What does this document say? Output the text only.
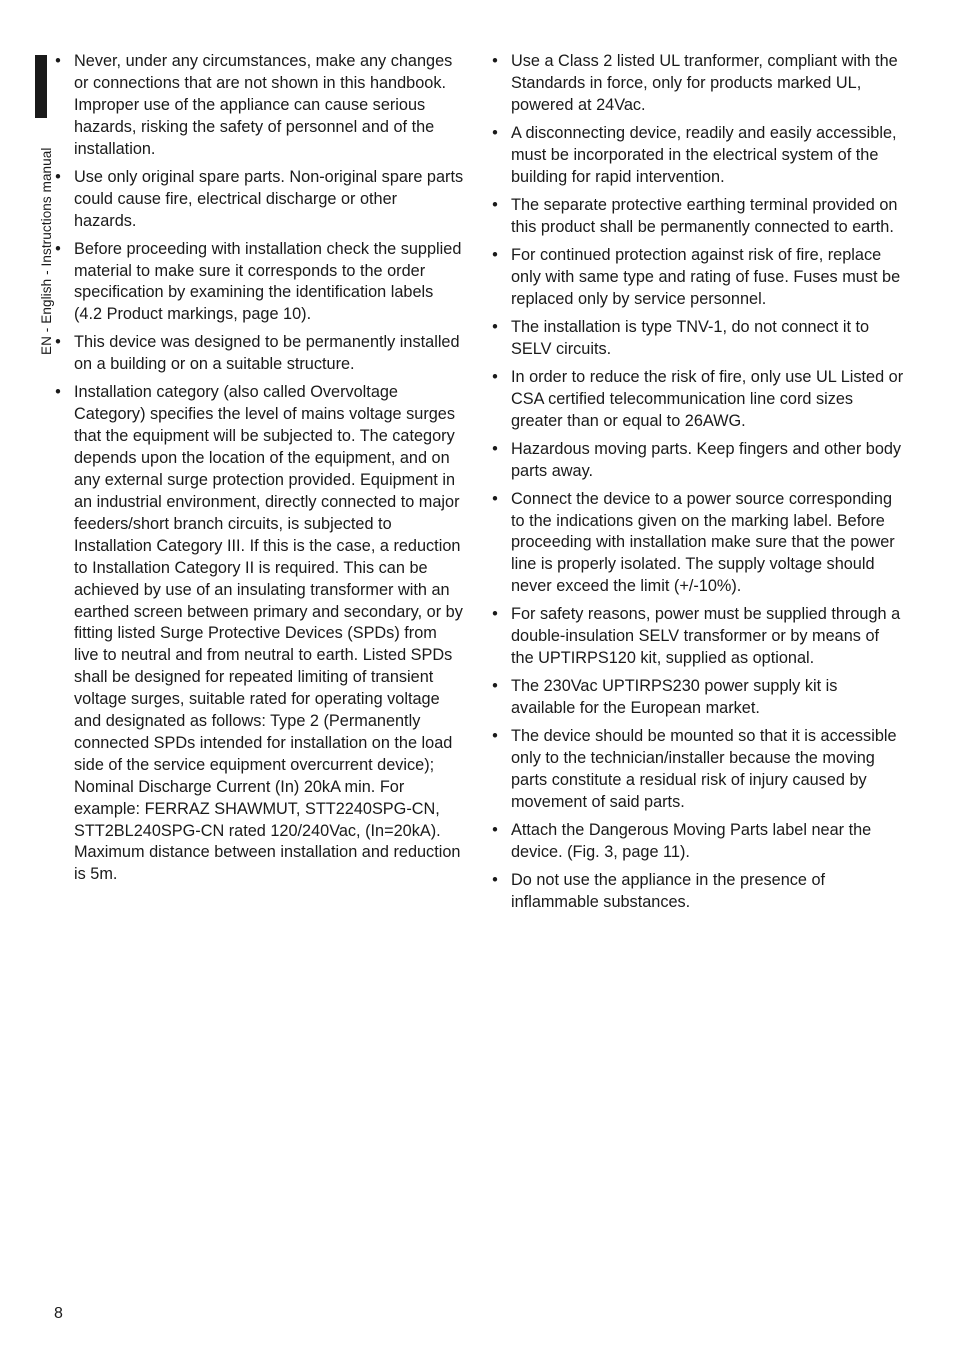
EN - English - Instructions manual
• Never, under any circumstances, make any changes or connections that are not shown in this handbook. Improper use of the appliance can cause serious hazards, risking the safety of personnel and of the installation.
• Use only original spare parts. Non-original spare parts could cause fire, electrical discharge or other hazards.
• Before proceeding with installation check the supplied material to make sure it corresponds to the order specification by examining the identification labels (4.2 Product markings, page 10).
• This device was designed to be permanently installed on a building or on a suitable structure.
• Installation category (also called Overvoltage Category) specifies the level of mains voltage surges that the equipment will be subjected to. The category depends upon the location of the equipment, and on any external surge protection provided. Equipment in an industrial environment, directly connected to major feeders/short branch circuits, is subjected to Installation Category III. If this is the case, a reduction to Installation Category II is required. This can be achieved by use of an insulating transformer with an earthed screen between primary and secondary, or by fitting listed Surge Protective Devices (SPDs) from live to neutral and from neutral to earth. Listed SPDs shall be designed for repeated limiting of transient voltage surges, suitable rated for operating voltage and designated as follows: Type 2 (Permanently connected SPDs intended for installation on the load side of the service equipment overcurrent device); Nominal Discharge Current (In) 20kA min. For example: FERRAZ SHAWMUT, STT2240SPG-CN, STT2BL240SPG-CN rated 120/240Vac, (In=20kA). Maximum distance between installation and reduction is 5m.
• Use a Class 2 listed UL tranformer, compliant with the Standards in force, only for products marked UL, powered at 24Vac.
• A disconnecting device, readily and easily accessible, must be incorporated in the electrical system of the building for rapid intervention.
• The separate protective earthing terminal provided on this product shall be permanently connected to earth.
• For continued protection against risk of fire, replace only with same type and rating of fuse. Fuses must be replaced only by service personnel.
• The installation is type TNV-1, do not connect it to SELV circuits.
• In order to reduce the risk of fire, only use UL Listed or CSA certified telecommunication line cord sizes greater than or equal to 26AWG.
• Hazardous moving parts. Keep fingers and other body parts away.
• Connect the device to a power source corresponding to the indications given on the marking label. Before proceeding with installation make sure that the power line is properly isolated. The supply voltage should never exceed the limit (+/-10%).
• For safety reasons, power must be supplied through a double-insulation SELV transformer or by means of the UPTIRPS120 kit, supplied as optional.
• The 230Vac UPTIRPS230 power supply kit is available for the European market.
• The device should be mounted so that it is accessible only to the technician/installer because the moving parts constitute a residual risk of injury caused by movement of said parts.
• Attach the Dangerous Moving Parts label near the device. (Fig. 3, page 11).
• Do not use the appliance in the presence of inflammable substances.
8
